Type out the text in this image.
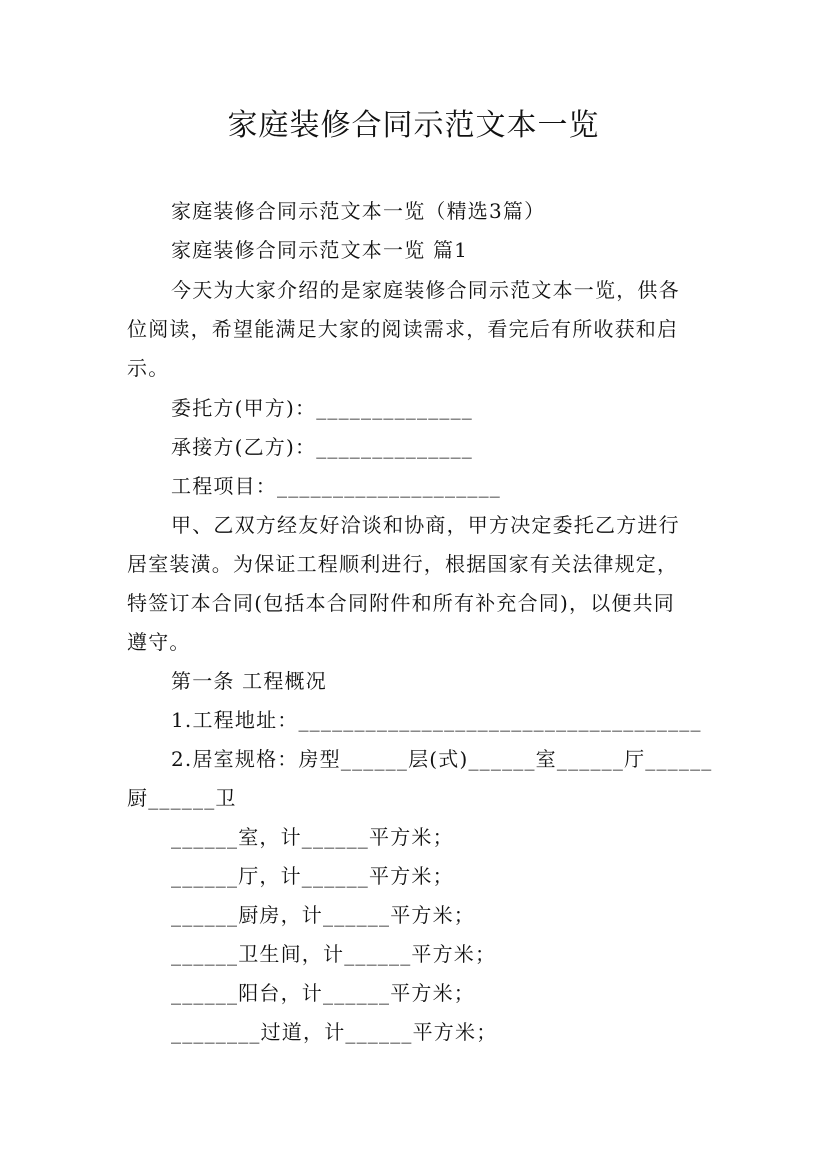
家庭装修合同示范文本一览
家庭装修合同示范文本一览（精选3篇）
家庭装修合同示范文本一览 篇1
今天为大家介绍的是家庭装修合同示范文本一览，供各
位阅读，希望能满足大家的阅读需求，看完后有所收获和启
示。
委托方(甲方)：______________
承接方(乙方)：______________
工程项目：____________________
甲、乙双方经友好洽谈和协商，甲方决定委托乙方进行
居室装潢。为保证工程顺利进行，根据国家有关法律规定，
特签订本合同(包括本合同附件和所有补充合同)，以便共同
遵守。
第一条 工程概况
1.工程地址：____________________________________
2.居室规格：房型______层(式)______室______厅______
厨______卫
______室，计______平方米；
______厅，计______平方米；
______厨房，计______平方米；
______卫生间，计______平方米；
______阳台，计______平方米；
________过道，计______平方米；
